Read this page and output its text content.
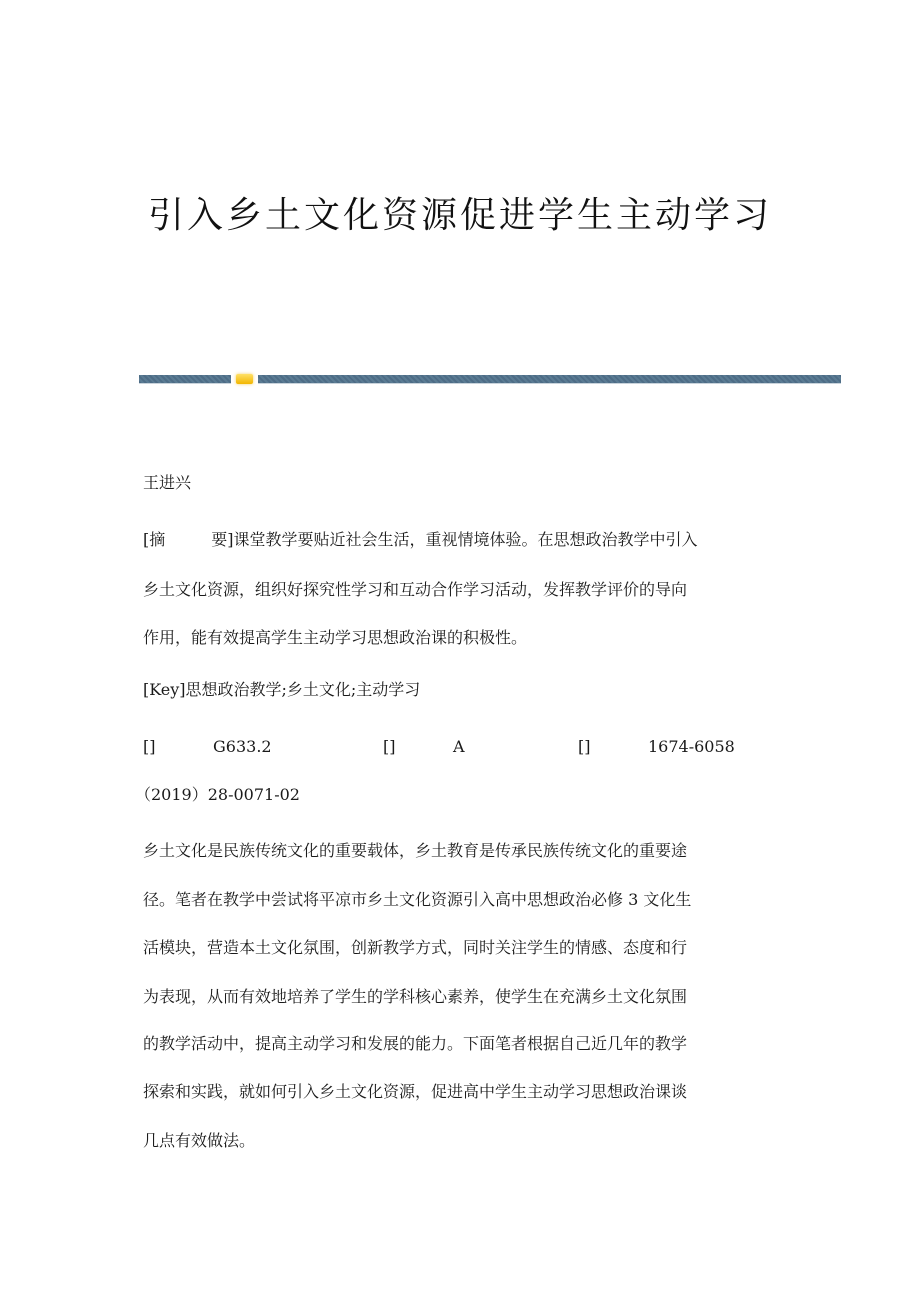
引入乡土文化资源促进学生主动学习
王进兴
[摘	要]课堂教学要贴近社会生活，重视情境体验。在思想政治教学中引入
乡土文化资源，组织好探究性学习和互动合作学习活动，发挥教学评价的导向
作用，能有效提高学生主动学习思想政治课的积极性。
[Key]思想政治教学;乡土文化;主动学习
[]	G633.2	[]	A	[]	1674-6058
（2019）28-0071-02
乡土文化是民族传统文化的重要载体，乡土教育是传承民族传统文化的重要途
径。笔者在教学中尝试将平凉市乡土文化资源引入高中思想政治必修 3 文化生
活模块，营造本土文化氛围，创新教学方式，同时关注学生的情感、态度和行
为表现，从而有效地培养了学生的学科核心素养，使学生在充满乡土文化氛围
的教学活动中，提高主动学习和发展的能力。下面笔者根据自己近几年的教学
探索和实践，就如何引入乡土文化资源，促进高中学生主动学习思想政治课谈
几点有效做法。
